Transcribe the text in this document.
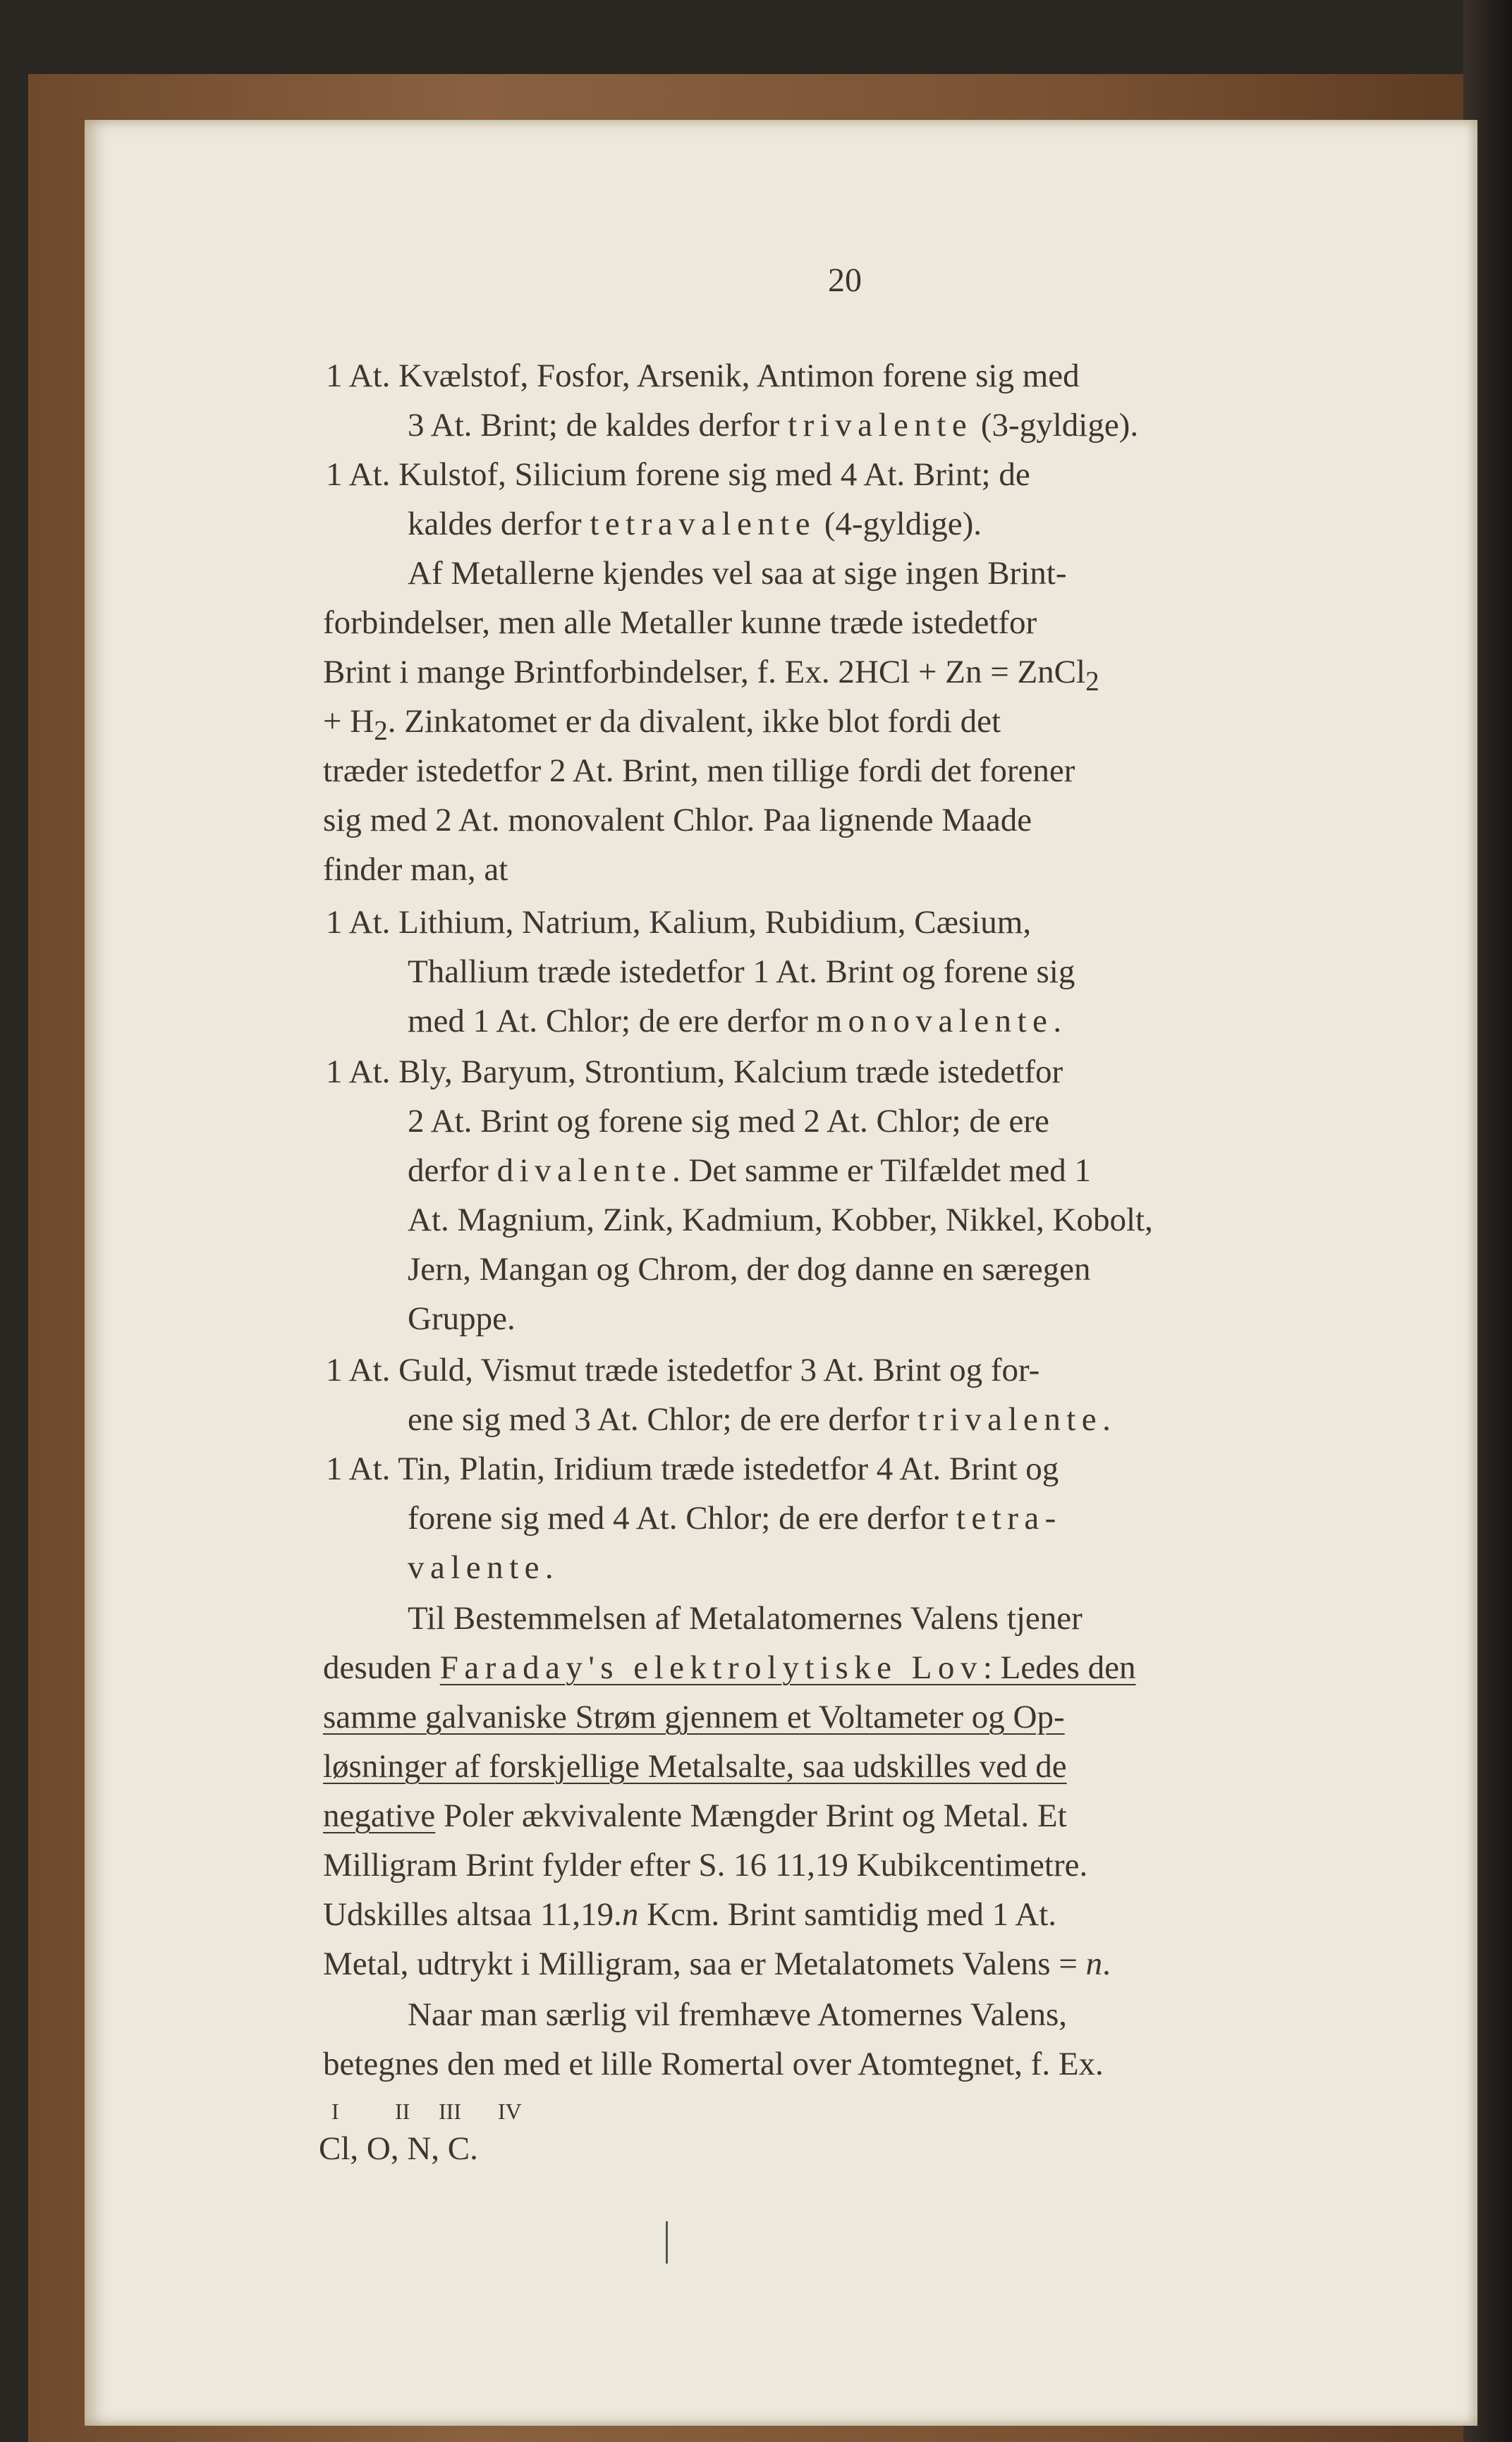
20
1 At. Kvælstof, Fosfor, Arsenik, Antimon forene sig med
3 At. Brint; de kaldes derfor trivalente (3-gyldige).
1 At. Kulstof, Silicium forene sig med 4 At. Brint; de
kaldes derfor tetravalente (4-gyldige).
Af Metallerne kjendes vel saa at sige ingen Brint-
forbindelser, men alle Metaller kunne træde istedetfor
Brint i mange Brintforbindelser, f. Ex. 2HCl + Zn = ZnCl$_2$
+ $H_2$. Zinkatomet er da divalent, ikke blot fordi det
træder istedetfor 2 At. Brint, men tillige fordi det forener
sig med 2 At. monovalent Chlor. Paa lignende Maade
finder man, at
1 At. Lithium, Natrium, Kalium, Rubidium, Cæsium,
Thallium træde istedetfor 1 At. Brint og forene sig
med 1 At. Chlor; de ere derfor monovalente.
1 At. Bly, Baryum, Strontium, Kalcium træde istedetfor
2 At. Brint og forene sig med 2 At. Chlor; de ere
derfor divalente. Det samme er Tilfældet med 1
At. Magnium, Zink, Kadmium, Kobber, Nikkel, Kobolt,
Jern, Mangan og Chrom, der dog danne en særegen
Gruppe.
1 At. Guld, Vismut træde istedetfor 3 At. Brint og for-
ene sig med 3 At. Chlor; de ere derfor trivalente.
1 At. Tin, Platin, Iridium træde istedetfor 4 At. Brint og
forene sig med 4 At. Chlor; de ere derfor tetra-
valente.
Til Bestemmelsen af Metalatomernes Valens tjener
desuden Faraday's elektrolytiske Lov: Ledes den
samme galvaniske Strøm gjennem et Voltameter og Op-
løsninger af forskjellige Metalsalte, saa udskilles ved de
negative Poler ækvivalente Mængder Brint og Metal. Et
Milligram Brint fylder efter S. 16 11,19 Kubikcentimetre.
Udskilles altsaa 11,19.n Kcm. Brint samtidig med 1 At.
Metal, udtrykt i Milligram, saa er Metalatomets Valens = n.
Naar man særlig vil fremhæve Atomernes Valens,
betegnes den med et lille Romertal over Atomtegnet, f. Ex.
I II III IV
Cl, O, N, C.
